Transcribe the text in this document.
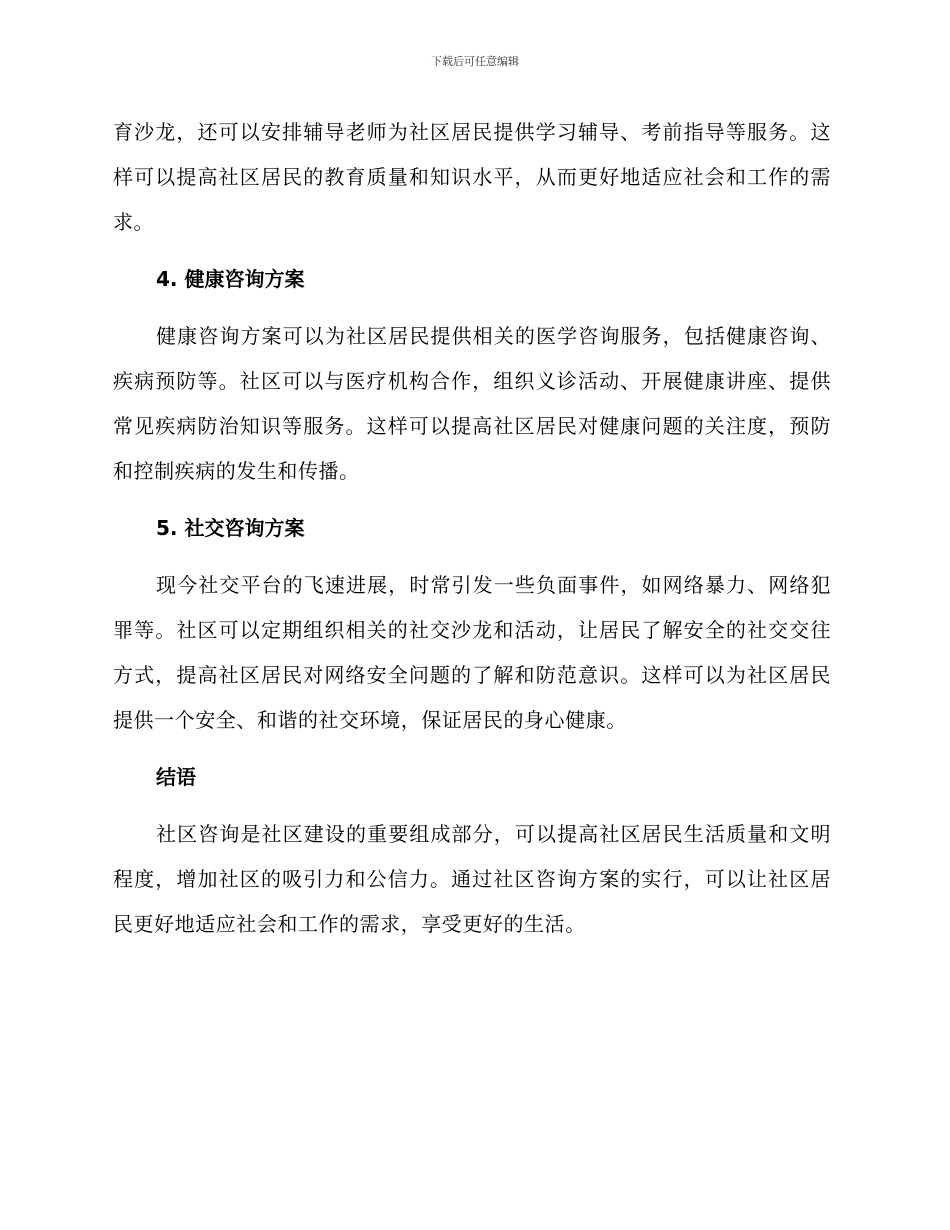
下载后可任意编辑

育沙龙，还可以安排辅导老师为社区居民提供学习辅导、考前指导等服务。这样可以提高社区居民的教育质量和知识水平，从而更好地适应社会和工作的需求。

4. 健康咨询方案

健康咨询方案可以为社区居民提供相关的医学咨询服务，包括健康咨询、疾病预防等。社区可以与医疗机构合作，组织义诊活动、开展健康讲座、提供常见疾病防治知识等服务。这样可以提高社区居民对健康问题的关注度，预防和控制疾病的发生和传播。

5. 社交咨询方案

现今社交平台的飞速进展，时常引发一些负面事件，如网络暴力、网络犯罪等。社区可以定期组织相关的社交沙龙和活动，让居民了解安全的社交交往方式，提高社区居民对网络安全问题的了解和防范意识。这样可以为社区居民提供一个安全、和谐的社交环境，保证居民的身心健康。

结语

社区咨询是社区建设的重要组成部分，可以提高社区居民生活质量和文明程度，增加社区的吸引力和公信力。通过社区咨询方案的实行，可以让社区居民更好地适应社会和工作的需求，享受更好的生活。
